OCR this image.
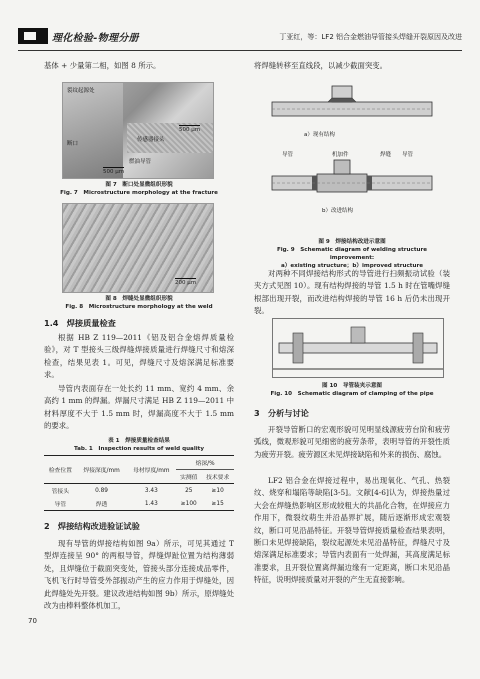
理化检验-物理分册	丁亚红，等：LF2 铝合金燃油导管接头焊缝开裂原因及改进
基体 + 少量第二相，如图 8 所示。
裂纹起源处
断口
传感器接头
燃油导管
500 μm
500 μm
图 7　断口处显微组织形貌
Fig. 7　Microstructure morphology at the fracture
200 μm
图 8　焊缝处显微组织形貌
Fig. 8　Microstructure morphology at the weld
1.4　焊接质量检查
根据 HB Z 119—2011《铝及铝合金熔焊质量检验》，对 T 型接头三级焊缝焊接质量进行焊缝尺寸和熔深检查，结果见表 1。可见，焊缝尺寸及熔深满足标准要求。
导管内表面存在一处长约 11 mm、宽约 4 mm、余高约 1 mm 的焊漏。焊漏尺寸满足 HB Z 119—2011 中材料厚度不大于 1.5 mm 时，焊漏高度不大于 1.5 mm 的要求。
表 1　焊接质量检查结果
Tab. 1　Inspection results of weld quality
检查位置	焊接深度/mm	母材厚度/mm	熔深/%	
			实测值	技术要求
管接头	0.89	3.43	25	≥10
导管	焊透	1.43	≥100	≥15
2　焊接结构改进验证试验
现有导管的焊接结构如图 9a）所示，可见其通过 T 型焊连接呈 90° 的两根导管，焊缝焊趾位置为结构薄弱处，且焊缝位于截面突变处，管接头部分连接成品零件，飞机飞行时导管受外部振动产生的应力作用于焊缝处，因此焊缝处先开裂。建议改进结构如图 9b）所示，原焊缝处改为由棒料整体机加工，
70
将焊缝转移至直线段，以减少截面突变。
a）现有结构
导管	机加件	焊缝 导管
b）改进结构
图 9　焊接结构改进示意图
Fig. 9　Schematic diagram of welding structure improvement:
a）existing structure；b）improved structure
对两种不同焊接结构形式的导管进行扫频振动试验（装夹方式见图 10）。现有结构焊接的导管 1.5 h 时在管嘴焊缝根部出现开裂，而改进结构焊接的导管 16 h 后仍未出现开裂。
图 10　导管装夹示意图
Fig. 10　Schematic diagram of clamping of the pipe
3　分析与讨论
开裂导管断口的宏观形貌可见明显线源疲劳台阶和疲劳弧线，微观形貌可见细密的疲劳条带，表明导管的开裂性质为疲劳开裂。疲劳源区未见焊接缺陷和外来的损伤、腐蚀。
LF2 铝合金在焊接过程中，易出现氧化、气孔、热裂纹、烧穿和塌陷等缺陷[3-5]。文献[4-6]认为，焊接热量过大会在焊缝热影响区形成较粗大的共晶化合物，在焊接应力作用下，微裂纹萌生并沿晶界扩展，随后逐渐形成宏观裂纹，断口可见沿晶特征。开裂导管焊接质量检查结果表明，断口未见焊接缺陷，裂纹起源处未见沿晶特征，焊缝尺寸及熔深满足标准要求；导管内表面有一处焊漏，其高度满足标准要求，且开裂位置离焊漏边缘有一定距离，断口未见沿晶特征，说明焊接质量对开裂的产生无直接影响。
